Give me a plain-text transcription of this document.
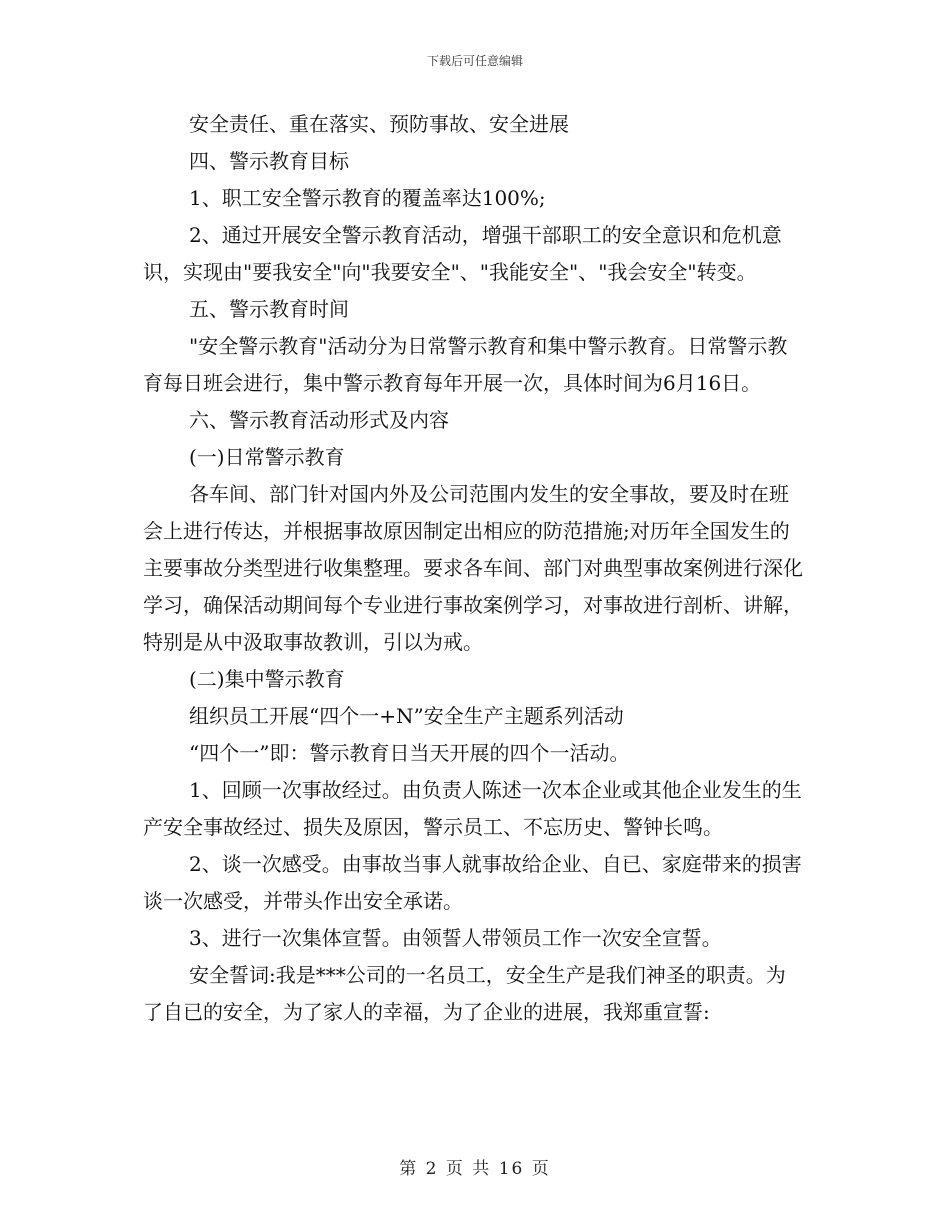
下载后可任意编辑

安全责任、重在落实、预防事故、安全进展

四、警示教育目标

1、职工安全警示教育的覆盖率达100%;

2、通过开展安全警示教育活动，增强干部职工的安全意识和危机意识，实现由"要我安全"向"我要安全"、"我能安全"、"我会安全"转变。

五、警示教育时间

"安全警示教育"活动分为日常警示教育和集中警示教育。日常警示教育每日班会进行，集中警示教育每年开展一次，具体时间为6月16日。

六、警示教育活动形式及内容

(一)日常警示教育

各车间、部门针对国内外及公司范围内发生的安全事故，要及时在班会上进行传达，并根据事故原因制定出相应的防范措施;对历年全国发生的主要事故分类型进行收集整理。要求各车间、部门对典型事故案例进行深化学习，确保活动期间每个专业进行事故案例学习，对事故进行剖析、讲解，特别是从中汲取事故教训，引以为戒。

(二)集中警示教育

组织员工开展“四个一+N”安全生产主题系列活动

“四个一”即：警示教育日当天开展的四个一活动。

1、回顾一次事故经过。由负责人陈述一次本企业或其他企业发生的生产安全事故经过、损失及原因，警示员工、不忘历史、警钟长鸣。

2、谈一次感受。由事故当事人就事故给企业、自已、家庭带来的损害谈一次感受，并带头作出安全承诺。

3、进行一次集体宣誓。由领誓人带领员工作一次安全宣誓。

安全誓词:我是***公司的一名员工，安全生产是我们神圣的职责。为了自已的安全，为了家人的幸福，为了企业的进展，我郑重宣誓:

第 2 页 共 16 页
